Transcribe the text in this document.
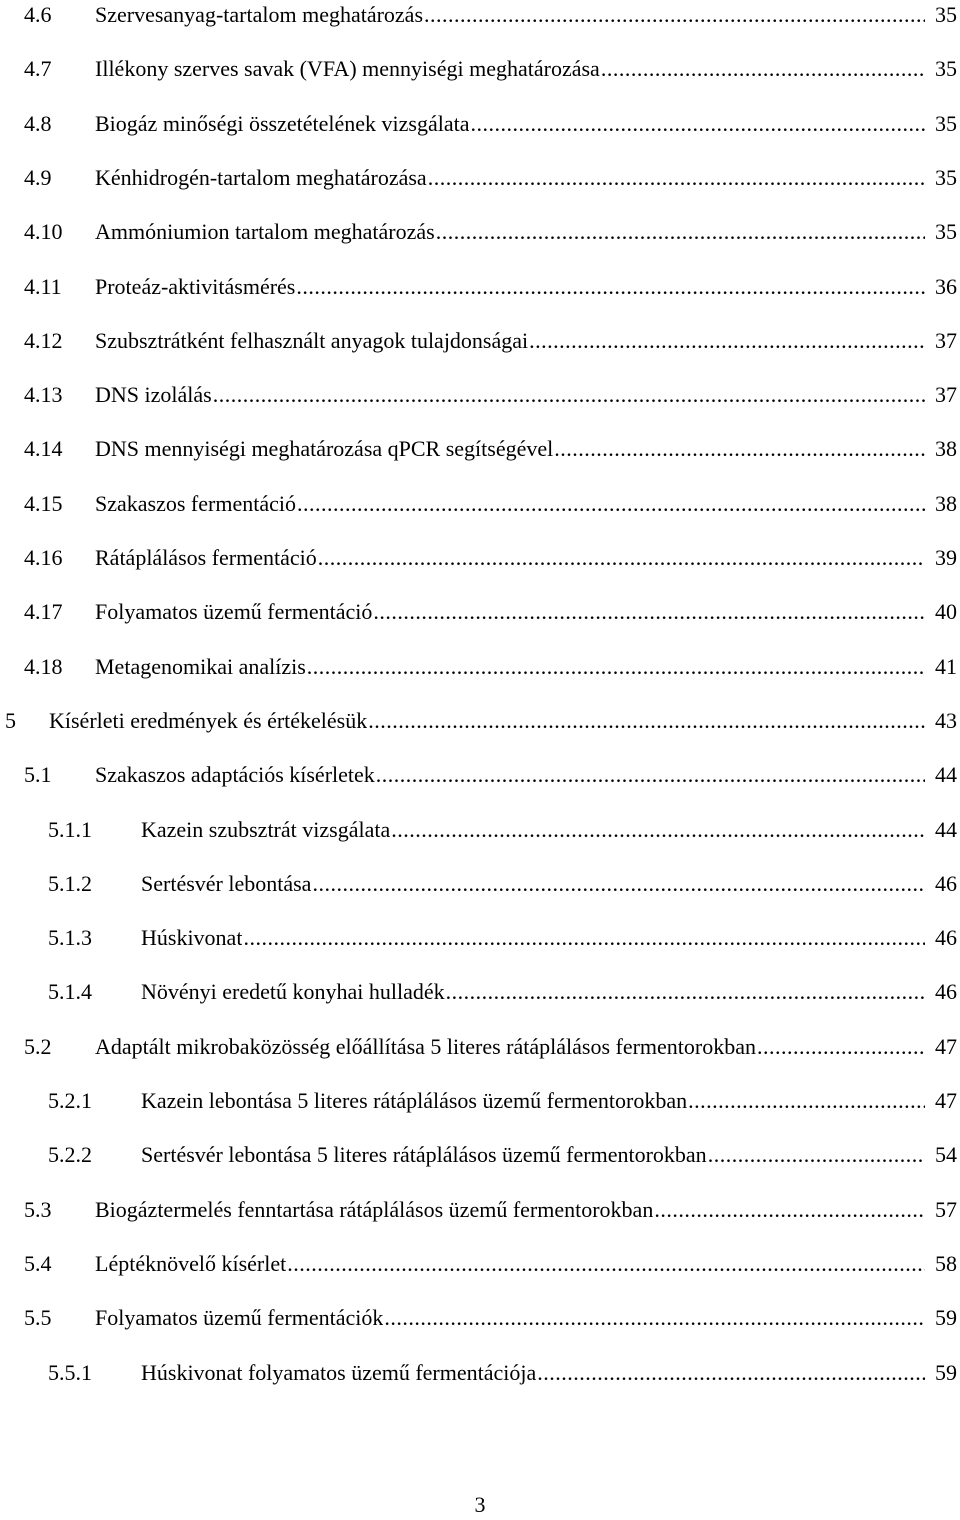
4.6	Szervesanyag-tartalom meghatározás .....	35
4.7	Illékony szerves savak (VFA) mennyiségi meghatározása .....	35
4.8	Biogáz minőségi összetételének vizsgálata .....	35
4.9	Kénhidrogén-tartalom meghatározása .....	35
4.10	Ammóniumion tartalom meghatározás .....	35
4.11	Proteáz-aktivitásmérés .....	36
4.12	Szubsztrátként felhasznált anyagok tulajdonságai .....	37
4.13	DNS izolálás .....	37
4.14	DNS mennyiségi meghatározása qPCR segítségével .....	38
4.15	Szakaszos fermentáció .....	38
4.16	Rátáplálásos fermentáció .....	39
4.17	Folyamatos üzemű fermentáció .....	40
4.18	Metagenomikai analízis .....	41
5	Kísérleti eredmények és értékelésük .....	43
5.1	Szakaszos adaptációs kísérletek .....	44
5.1.1	Kazein szubsztrát vizsgálata .....	44
5.1.2	Sertésvér lebontása .....	46
5.1.3	Húskivonat .....	46
5.1.4	Növényi eredetű konyhai hulladék .....	46
5.2	Adaptált mikrobaközösség előállítása 5 literes rátáplálásos fermentorokban .....	47
5.2.1	Kazein lebontása 5 literes rátáplálásos üzemű fermentorokban .....	47
5.2.2	Sertésvér lebontása 5 literes rátáplálásos üzemű fermentorokban .....	54
5.3	Biogáztermelés fenntartása rátáplálásos üzemű fermentorokban .....	57
5.4	Léptéknövelő kísérlet .....	58
5.5	Folyamatos üzemű fermentációk .....	59
5.5.1	Húskivonat folyamatos üzemű fermentációja .....	59
3
